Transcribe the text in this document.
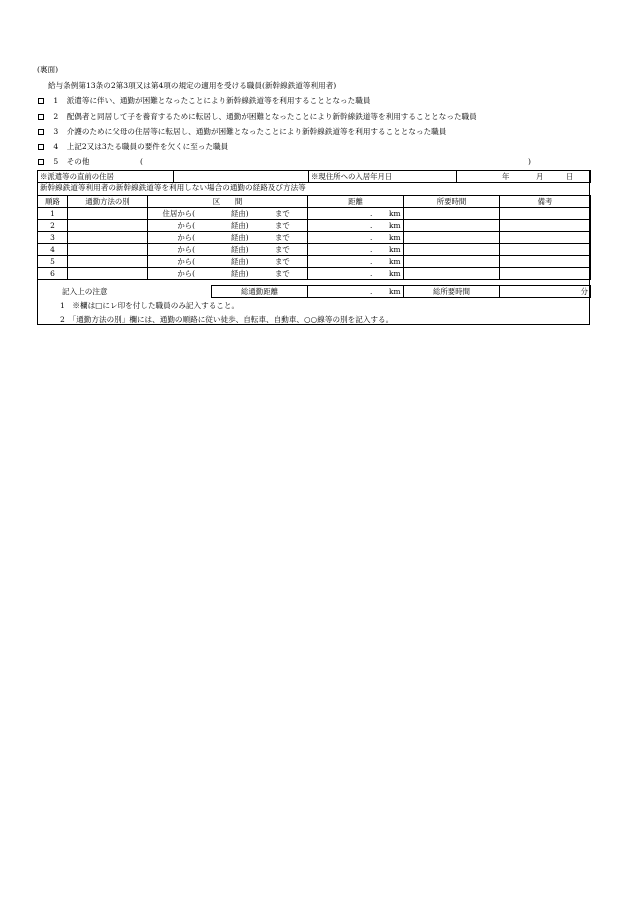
(裏面)
給与条例第13条の2第3項又は第4項の規定の適用を受ける職員(新幹線鉄道等利用者)
1 派遣等に伴い、通勤が困難となったことにより新幹線鉄道等を利用することとなった職員
2 配偶者と同居して子を養育するために転居し、通勤が困難となったことにより新幹線鉄道等を利用することとなった職員
3 介護のために父母の住居等に転居し、通勤が困難となったことにより新幹線鉄道等を利用することとなった職員
4 上記2又は3たる職員の要件を欠くに至った職員
5 その他	(	)
※派遣等の直前の住居		※現住所への入居年月日	年	月	日
新幹線鉄道等利用者の新幹線鉄道等を利用しない場合の通勤の経路及び方法等
順路	通勤方法の別	区　　間	距離	所要時間	備考
1		住居から( 経由) まで	. km		

2		から( 経由) まで	. km		

3		から( 経由) まで	. km		

4		から( 経由) まで	. km		

5		から( 経由) まで	. km		

6		から( 経由) まで	. km		

記入上の注意	総通勤距離	. km	総所要時間	分
1　※欄は□にレ印を付した職員のみ記入すること。
2　「通勤方法の別」欄には、通勤の順路に従い徒歩、自転車、自動車、○○線等の別を記入する。
